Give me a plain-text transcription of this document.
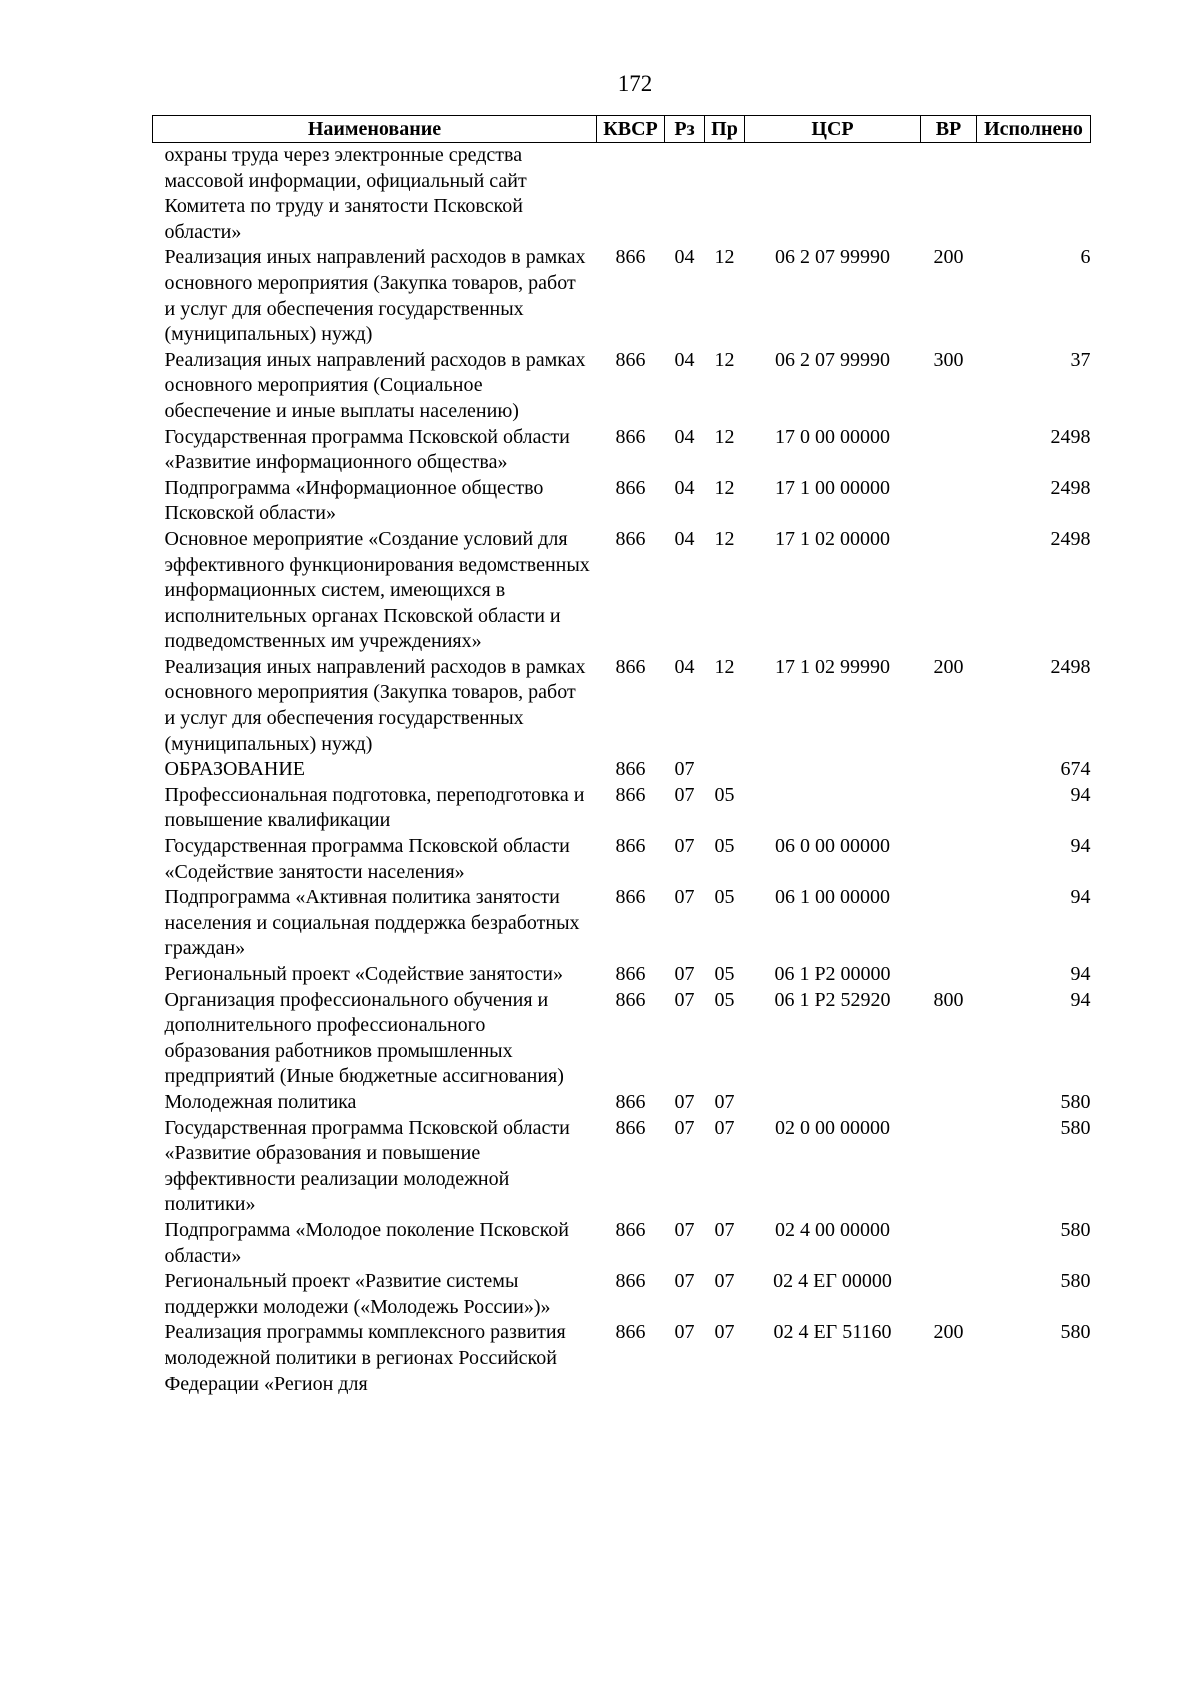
172
Наименование	КВСР	Рз	Пр	ЦСР	ВР	Исполнено
охраны труда через электронные средства массовой информации, официальный сайт Комитета по труду и занятости Псковской области»						
Реализация иных направлений расходов в рамках основного мероприятия (Закупка товаров, работ и услуг для обеспечения государственных (муниципальных) нужд)	866	04	12	06 2 07 99990	200	6
Реализация иных направлений расходов в рамках основного мероприятия (Социальное обеспечение и иные выплаты населению)	866	04	12	06 2 07 99990	300	37
Государственная программа Псковской области «Развитие информационного общества»	866	04	12	17 0 00 00000		2498
Подпрограмма «Информационное общество Псковской области»	866	04	12	17 1 00 00000		2498
Основное мероприятие «Создание условий для эффективного функционирования ведомственных информационных систем, имеющихся в исполнительных органах Псковской области и подведомственных им учреждениях»	866	04	12	17 1 02 00000		2498
Реализация иных направлений расходов в рамках основного мероприятия (Закупка товаров, работ и услуг для обеспечения государственных (муниципальных) нужд)	866	04	12	17 1 02 99990	200	2498
ОБРАЗОВАНИЕ	866	07				674
Профессиональная подготовка, переподготовка и повышение квалификации	866	07	05			94
Государственная программа Псковской области «Содействие занятости населения»	866	07	05	06 0 00 00000		94
Подпрограмма «Активная политика занятости населения и социальная поддержка безработных граждан»	866	07	05	06 1 00 00000		94
Региональный проект «Содействие занятости»	866	07	05	06 1 P2 00000		94
Организация профессионального обучения и дополнительного профессионального образования работников промышленных предприятий (Иные бюджетные ассигнования)	866	07	05	06 1 P2 52920	800	94
Молодежная политика	866	07	07			580
Государственная программа Псковской области «Развитие образования и повышение эффективности реализации молодежной политики»	866	07	07	02 0 00 00000		580
Подпрограмма «Молодое поколение Псковской области»	866	07	07	02 4 00 00000		580
Региональный проект «Развитие системы поддержки молодежи («Молодежь России»)»	866	07	07	02 4 ЕГ 00000		580
Реализация программы комплексного развития молодежной политики в регионах Российской Федерации «Регион для	866	07	07	02 4 ЕГ 51160	200	580
